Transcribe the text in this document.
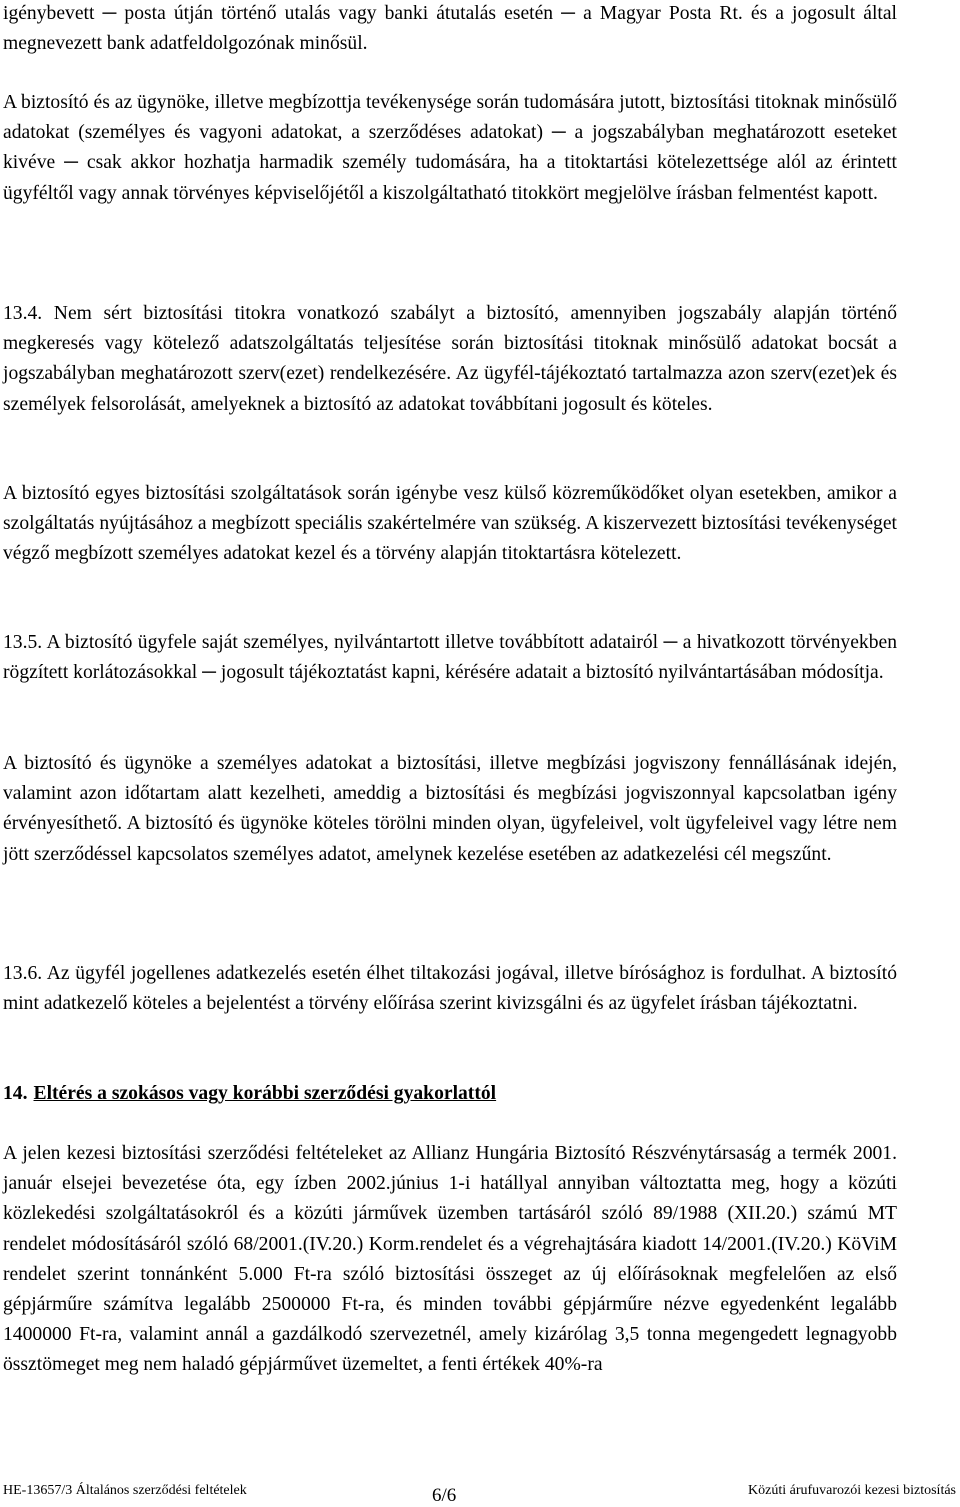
igénybevett ─ posta útján történő utalás vagy banki átutalás esetén ─ a Magyar Posta Rt. és a jogosult által megnevezett bank adatfeldolgozónak minősül.

A biztosító és az ügynöke, illetve megbízottja tevékenysége során tudomására jutott, biztosítási titoknak minősülő adatokat (személyes és vagyoni adatokat, a szerződéses adatokat) ─ a jogszabályban meghatározott eseteket kivéve ─ csak akkor hozhatja harmadik személy tudomására, ha a titoktartási kötelezettsége alól az érintett ügyféltől vagy annak törvényes képviselőjétől a kiszolgáltatható titokkört megjelölve írásban felmentést kapott.

13.4. Nem sért biztosítási titokra vonatkozó szabályt a biztosító, amennyiben jogszabály alapján történő megkeresés vagy kötelező adatszolgáltatás teljesítése során biztosítási titoknak minősülő adatokat bocsát a jogszabályban meghatározott szerv(ezet) rendelkezésére. Az ügyfél-tájékoztató tartalmazza azon szerv(ezet)ek és személyek felsorolását, amelyeknek a biztosító az adatokat továbbítani jogosult és köteles.

A biztosító egyes biztosítási szolgáltatások során igénybe vesz külső közreműködőket olyan esetekben, amikor a szolgáltatás nyújtásához a megbízott speciális szakértelmére van szükség. A kiszervezett biztosítási tevékenységet végző megbízott személyes adatokat kezel és a törvény alapján titoktartásra kötelezett.

13.5. A biztosító ügyfele saját személyes, nyilvántartott illetve továbbított adatairól ─ a hivatkozott törvényekben rögzített korlátozásokkal ─ jogosult tájékoztatást kapni, kérésére adatait a biztosító nyilvántartásában módosítja.

A biztosító és ügynöke a személyes adatokat a biztosítási, illetve megbízási jogviszony fennállásának idején, valamint azon időtartam alatt kezelheti, ameddig a biztosítási és megbízási jogviszonnyal kapcsolatban igény érvényesíthető. A biztosító és ügynöke köteles törölni minden olyan, ügyfeleivel, volt ügyfeleivel vagy létre nem jött szerződéssel kapcsolatos személyes adatot, amelynek kezelése esetében az adatkezelési cél megszűnt.

13.6. Az ügyfél jogellenes adatkezelés esetén élhet tiltakozási jogával, illetve bírósághoz is fordulhat. A biztosító mint adatkezelő köteles a bejelentést a törvény előírása szerint kivizsgálni és az ügyfelet írásban tájékoztatni.

14. Eltérés a szokásos vagy korábbi szerződési gyakorlattól

A jelen kezesi biztosítási szerződési feltételeket az Allianz Hungária Biztosító Részvénytársaság a termék 2001. január elsejei bevezetése óta, egy ízben 2002.június 1-i hatállyal annyiban változtatta meg, hogy a közúti közlekedési szolgáltatásokról és a közúti járművek üzemben tartásáról szóló 89/1988 (XII.20.) számú MT rendelet módosításáról szóló 68/2001.(IV.20.) Korm.rendelet és a végrehajtására kiadott 14/2001.(IV.20.) KöViM rendelet szerint tonnánként 5.000 Ft-ra szóló biztosítási összeget az új előírásoknak megfelelően az első gépjárműre számítva legalább 2500000 Ft-ra, és minden további gépjárműre nézve egyedenként legalább 1400000 Ft-ra, valamint annál a gazdálkodó szervezetnél, amely kizárólag 3,5 tonna megengedett legnagyobb össztömeget meg nem haladó gépjárművet üzemeltet, a fenti értékek 40%-ra

HE-13657/3 Általános szerződési feltételek	6/6	Közúti árufuvarozói kezesi biztosítás
